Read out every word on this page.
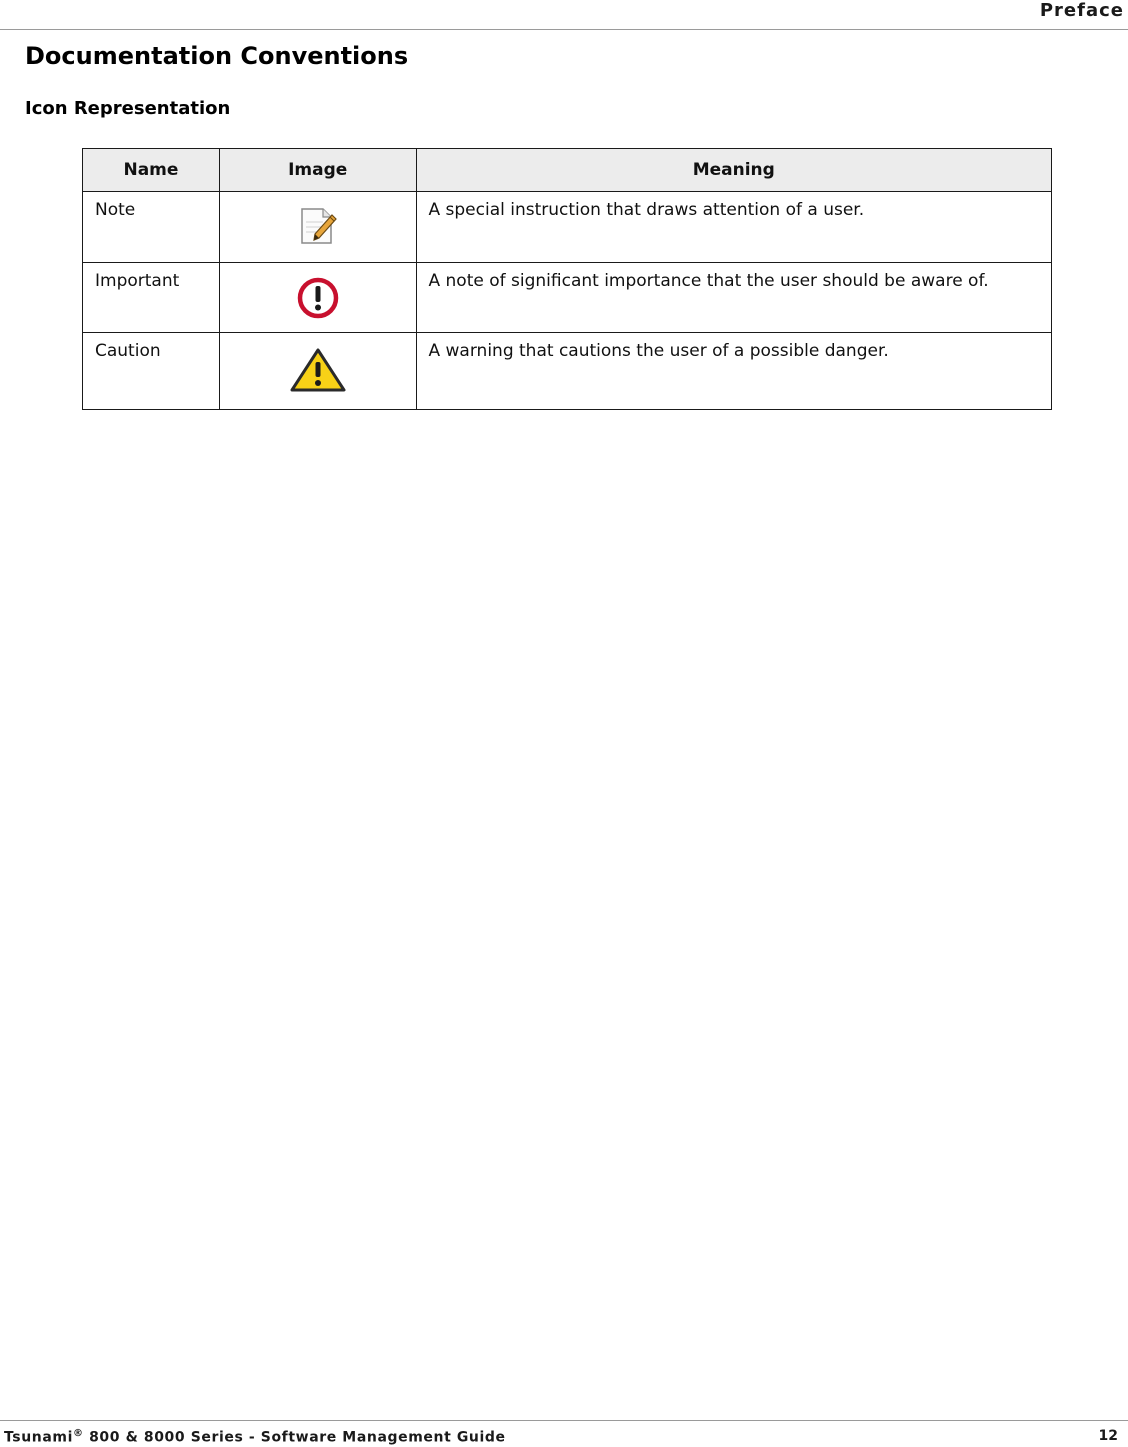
Preface
Documentation Conventions
Icon Representation
Name	Image	Meaning
Note		A special instruction that draws attention of a user.
Important		A note of significant importance that the user should be aware of.
Caution		A warning that cautions the user of a possible danger.
Tsunami® 800 & 8000 Series - Software Management Guide	12
